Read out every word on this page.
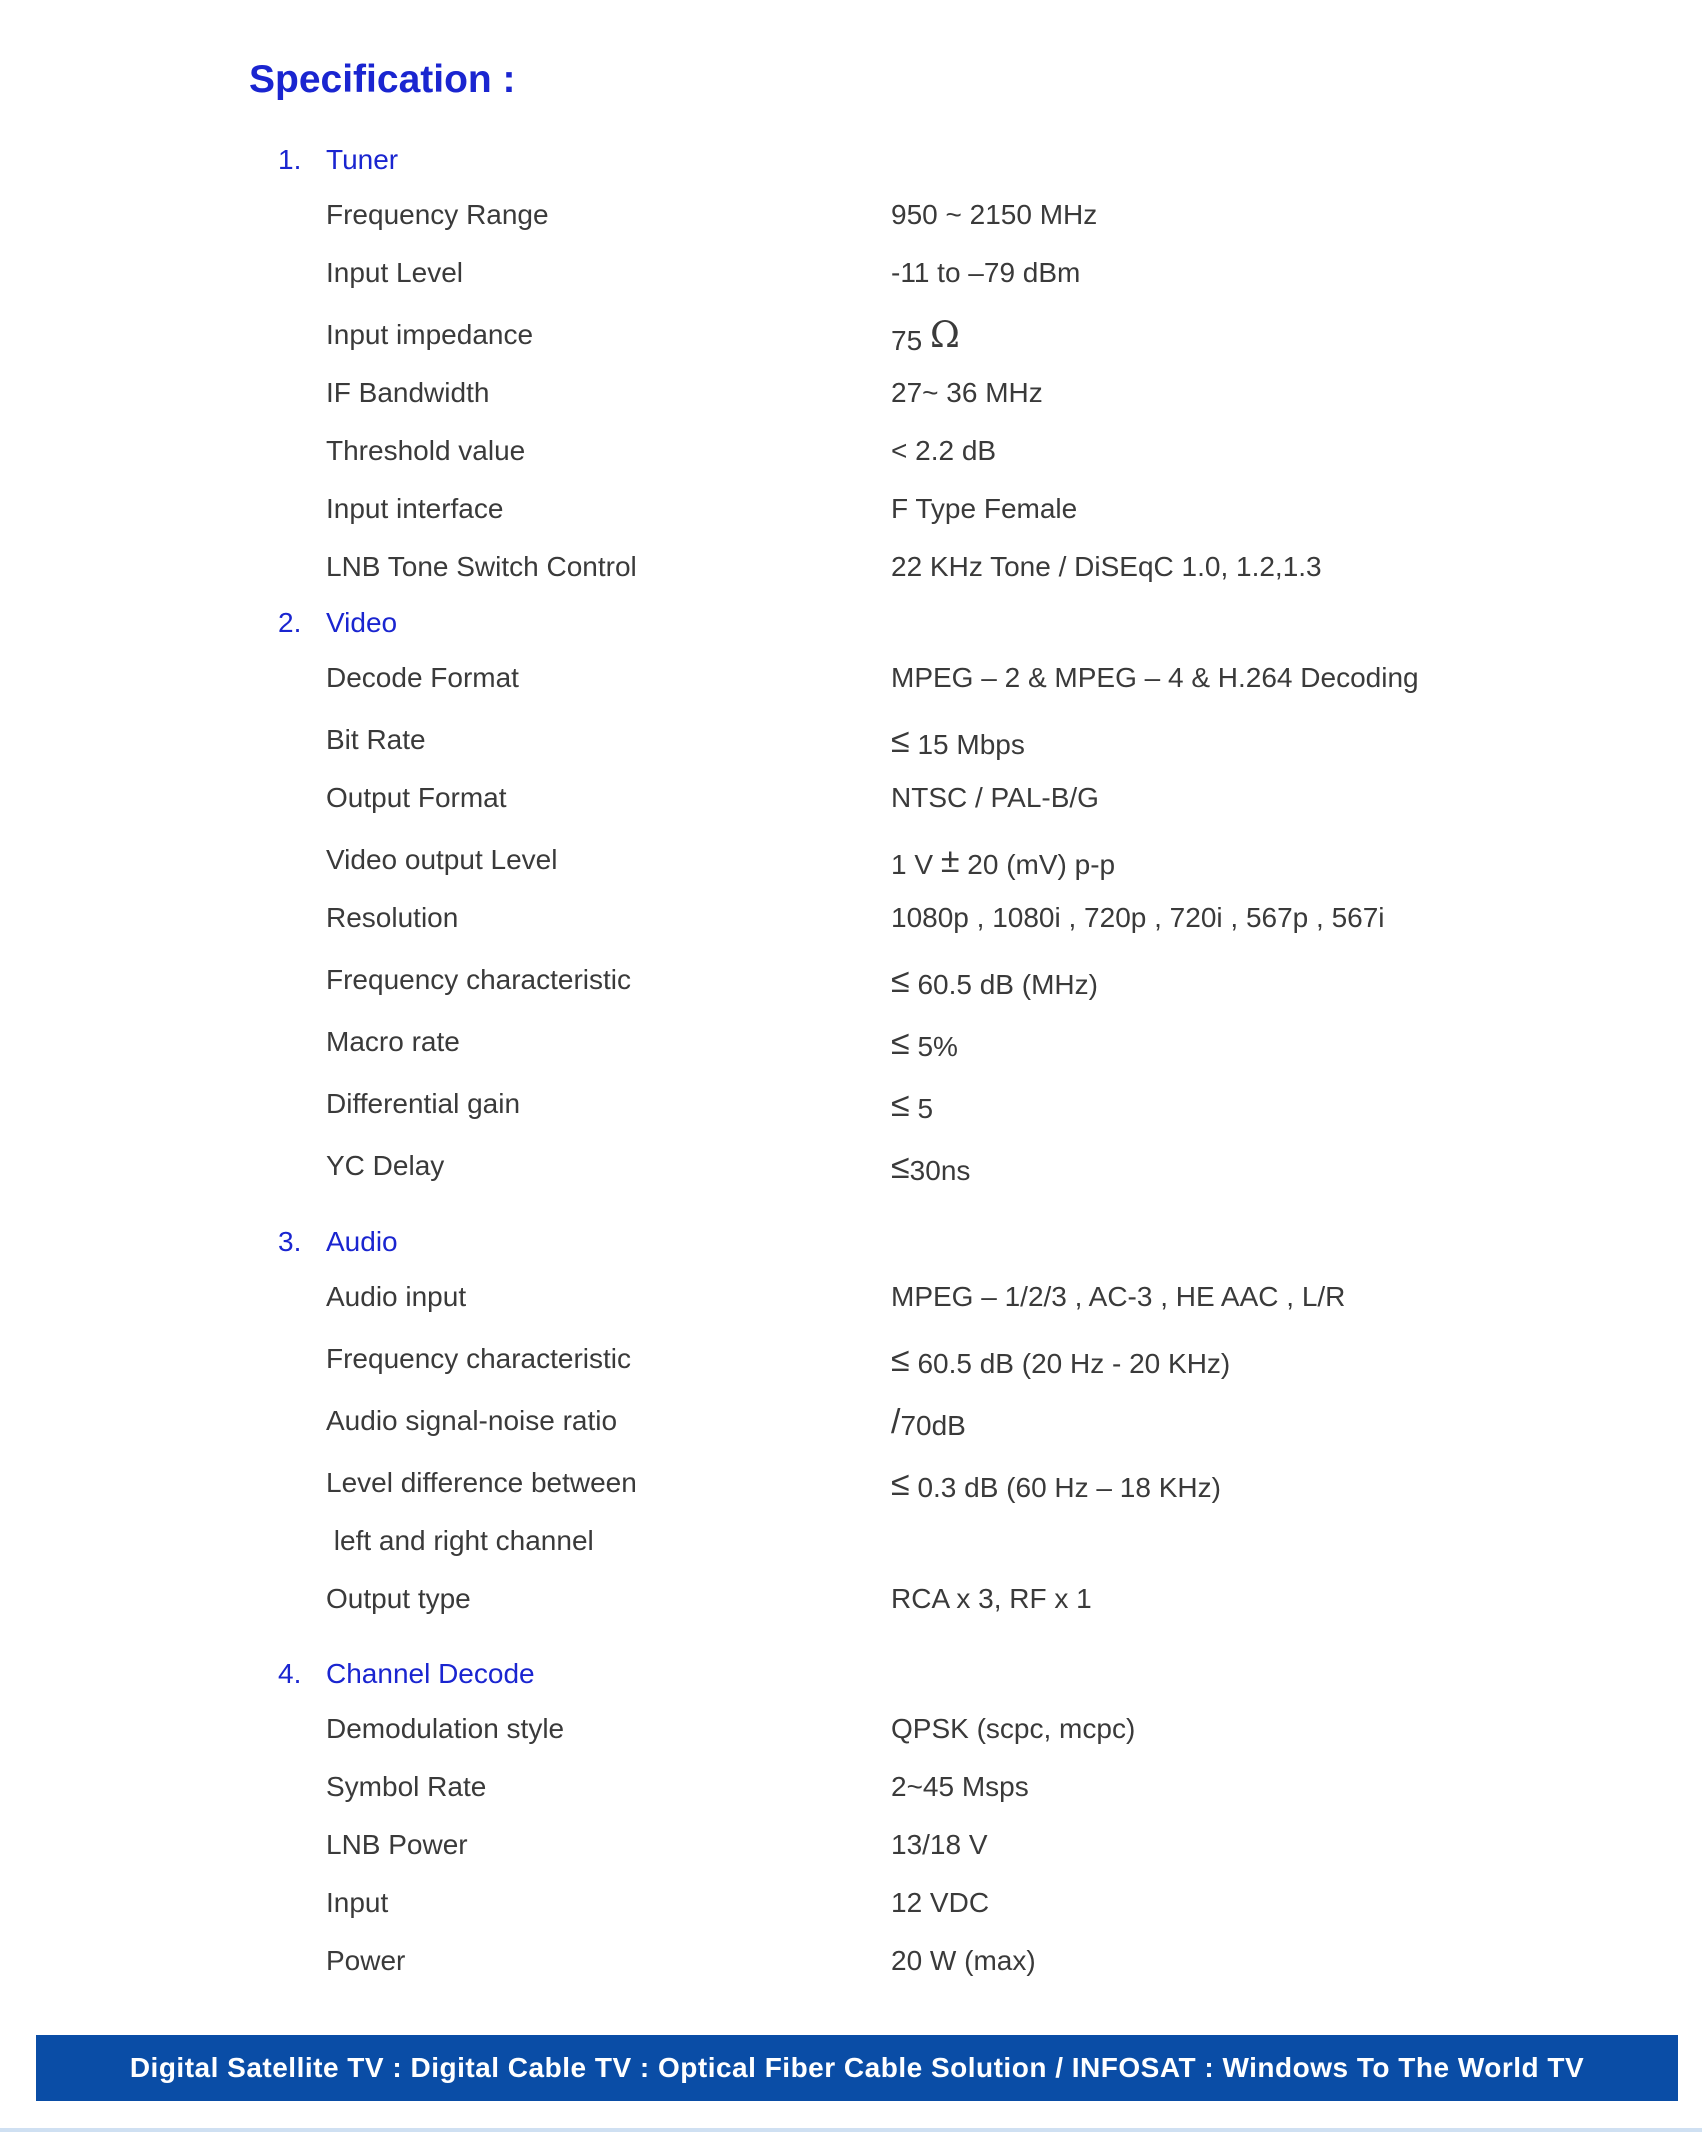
Specification :
1. Tuner
Frequency Range	950 ~ 2150 MHz
Input Level	-11 to –79 dBm
Input impedance	75 Ω
IF Bandwidth	27~ 36 MHz
Threshold value	< 2.2 dB
Input interface	F Type Female
LNB Tone Switch Control	22 KHz Tone / DiSEqC 1.0, 1.2,1.3
2. Video
Decode Format	MPEG – 2 & MPEG – 4 & H.264 Decoding
Bit Rate	≤ 15 Mbps
Output Format	NTSC / PAL-B/G
Video output Level	1 V ± 20 (mV) p-p
Resolution	1080p , 1080i , 720p , 720i , 567p , 567i
Frequency characteristic	≤ 60.5 dB (MHz)
Macro rate	≤ 5%
Differential gain	≤ 5
YC Delay	≤30ns
3. Audio
Audio input	MPEG – 1/2/3 , AC-3 , HE AAC , L/R
Frequency characteristic	≤ 60.5 dB (20 Hz - 20 KHz)
Audio signal-noise ratio	/70dB
Level difference between	≤ 0.3 dB (60 Hz – 18 KHz)
left and right channel
Output type	RCA x 3, RF x 1
4. Channel Decode
Demodulation style	QPSK (scpc, mcpc)
Symbol Rate	2~45 Msps
LNB Power	13/18 V
Input	12 VDC
Power	20 W (max)
Digital Satellite TV : Digital Cable TV : Optical Fiber Cable Solution / INFOSAT : Windows To The World TV
